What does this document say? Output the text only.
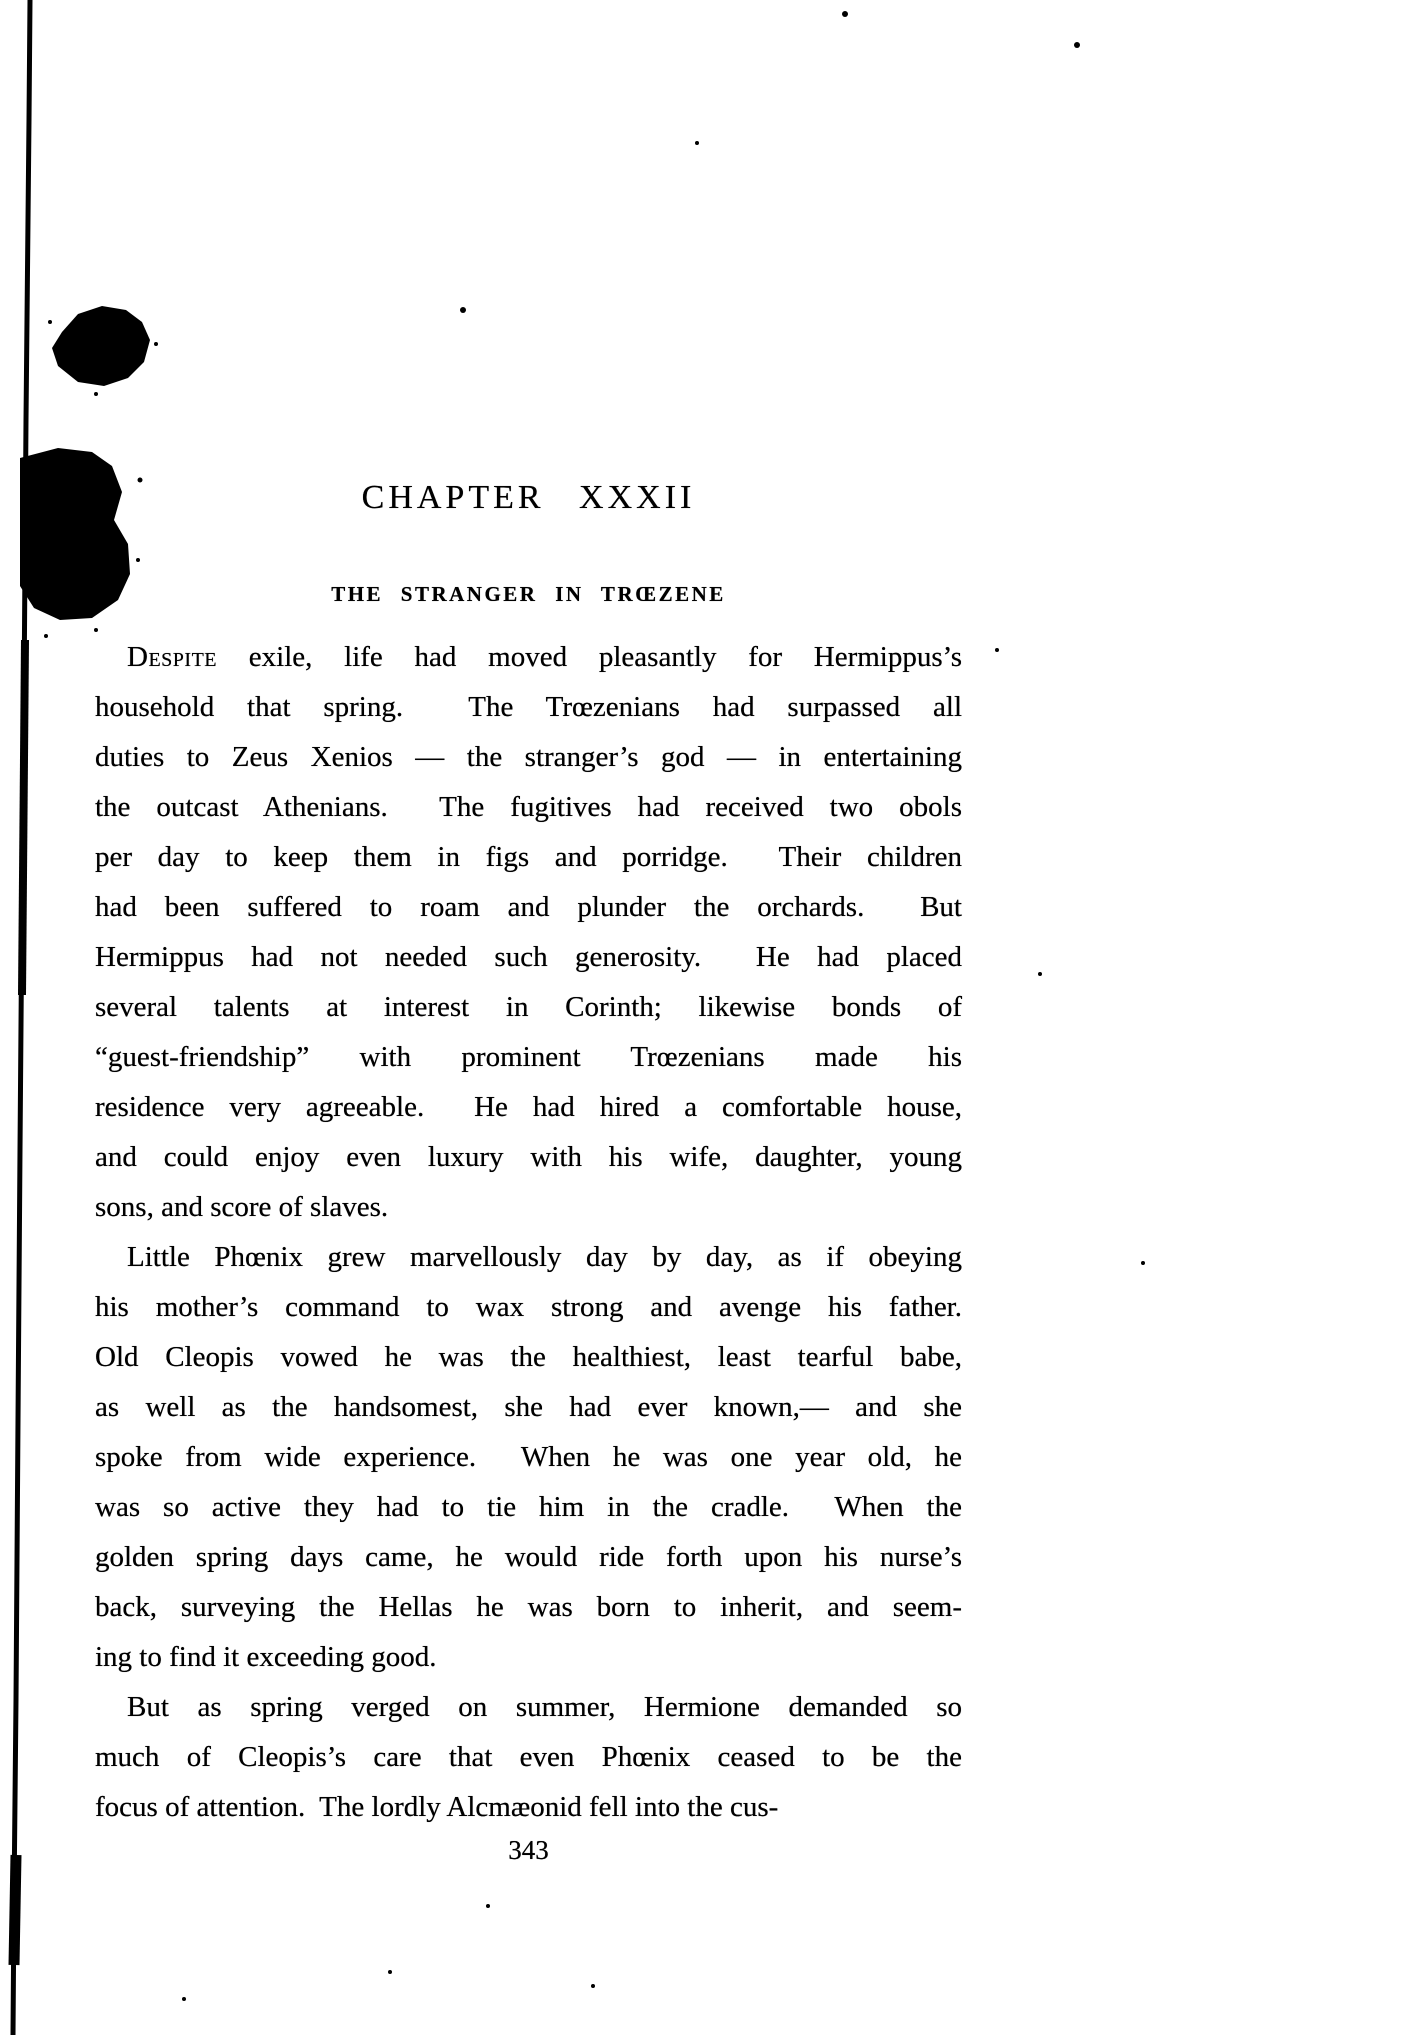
CHAPTER XXXII
THE STRANGER IN TRŒZENE
Despite exile, life had moved pleasantly for Hermippus’s
household that spring.  The Trœzenians had surpassed all
duties to Zeus Xenios — the stranger’s god — in entertaining
the outcast Athenians.  The fugitives had received two obols
per day to keep them in figs and porridge.  Their children
had been suffered to roam and plunder the orchards.  But
Hermippus had not needed such generosity.  He had placed
several talents at interest in Corinth; likewise bonds of
“guest-friendship” with prominent Trœzenians made his
residence very agreeable.  He had hired a comfortable house,
and could enjoy even luxury with his wife, daughter, young
sons, and score of slaves.
Little Phœnix grew marvellously day by day, as if obeying
his mother’s command to wax strong and avenge his father.
Old Cleopis vowed he was the healthiest, least tearful babe,
as well as the handsomest, she had ever known,— and she
spoke from wide experience.  When he was one year old, he
was so active they had to tie him in the cradle.  When the
golden spring days came, he would ride forth upon his nurse’s
back, surveying the Hellas he was born to inherit, and seem-
ing to find it exceeding good.
But as spring verged on summer, Hermione demanded so
much of Cleopis’s care that even Phœnix ceased to be the
focus of attention.  The lordly Alcmæonid fell into the cus-
343
